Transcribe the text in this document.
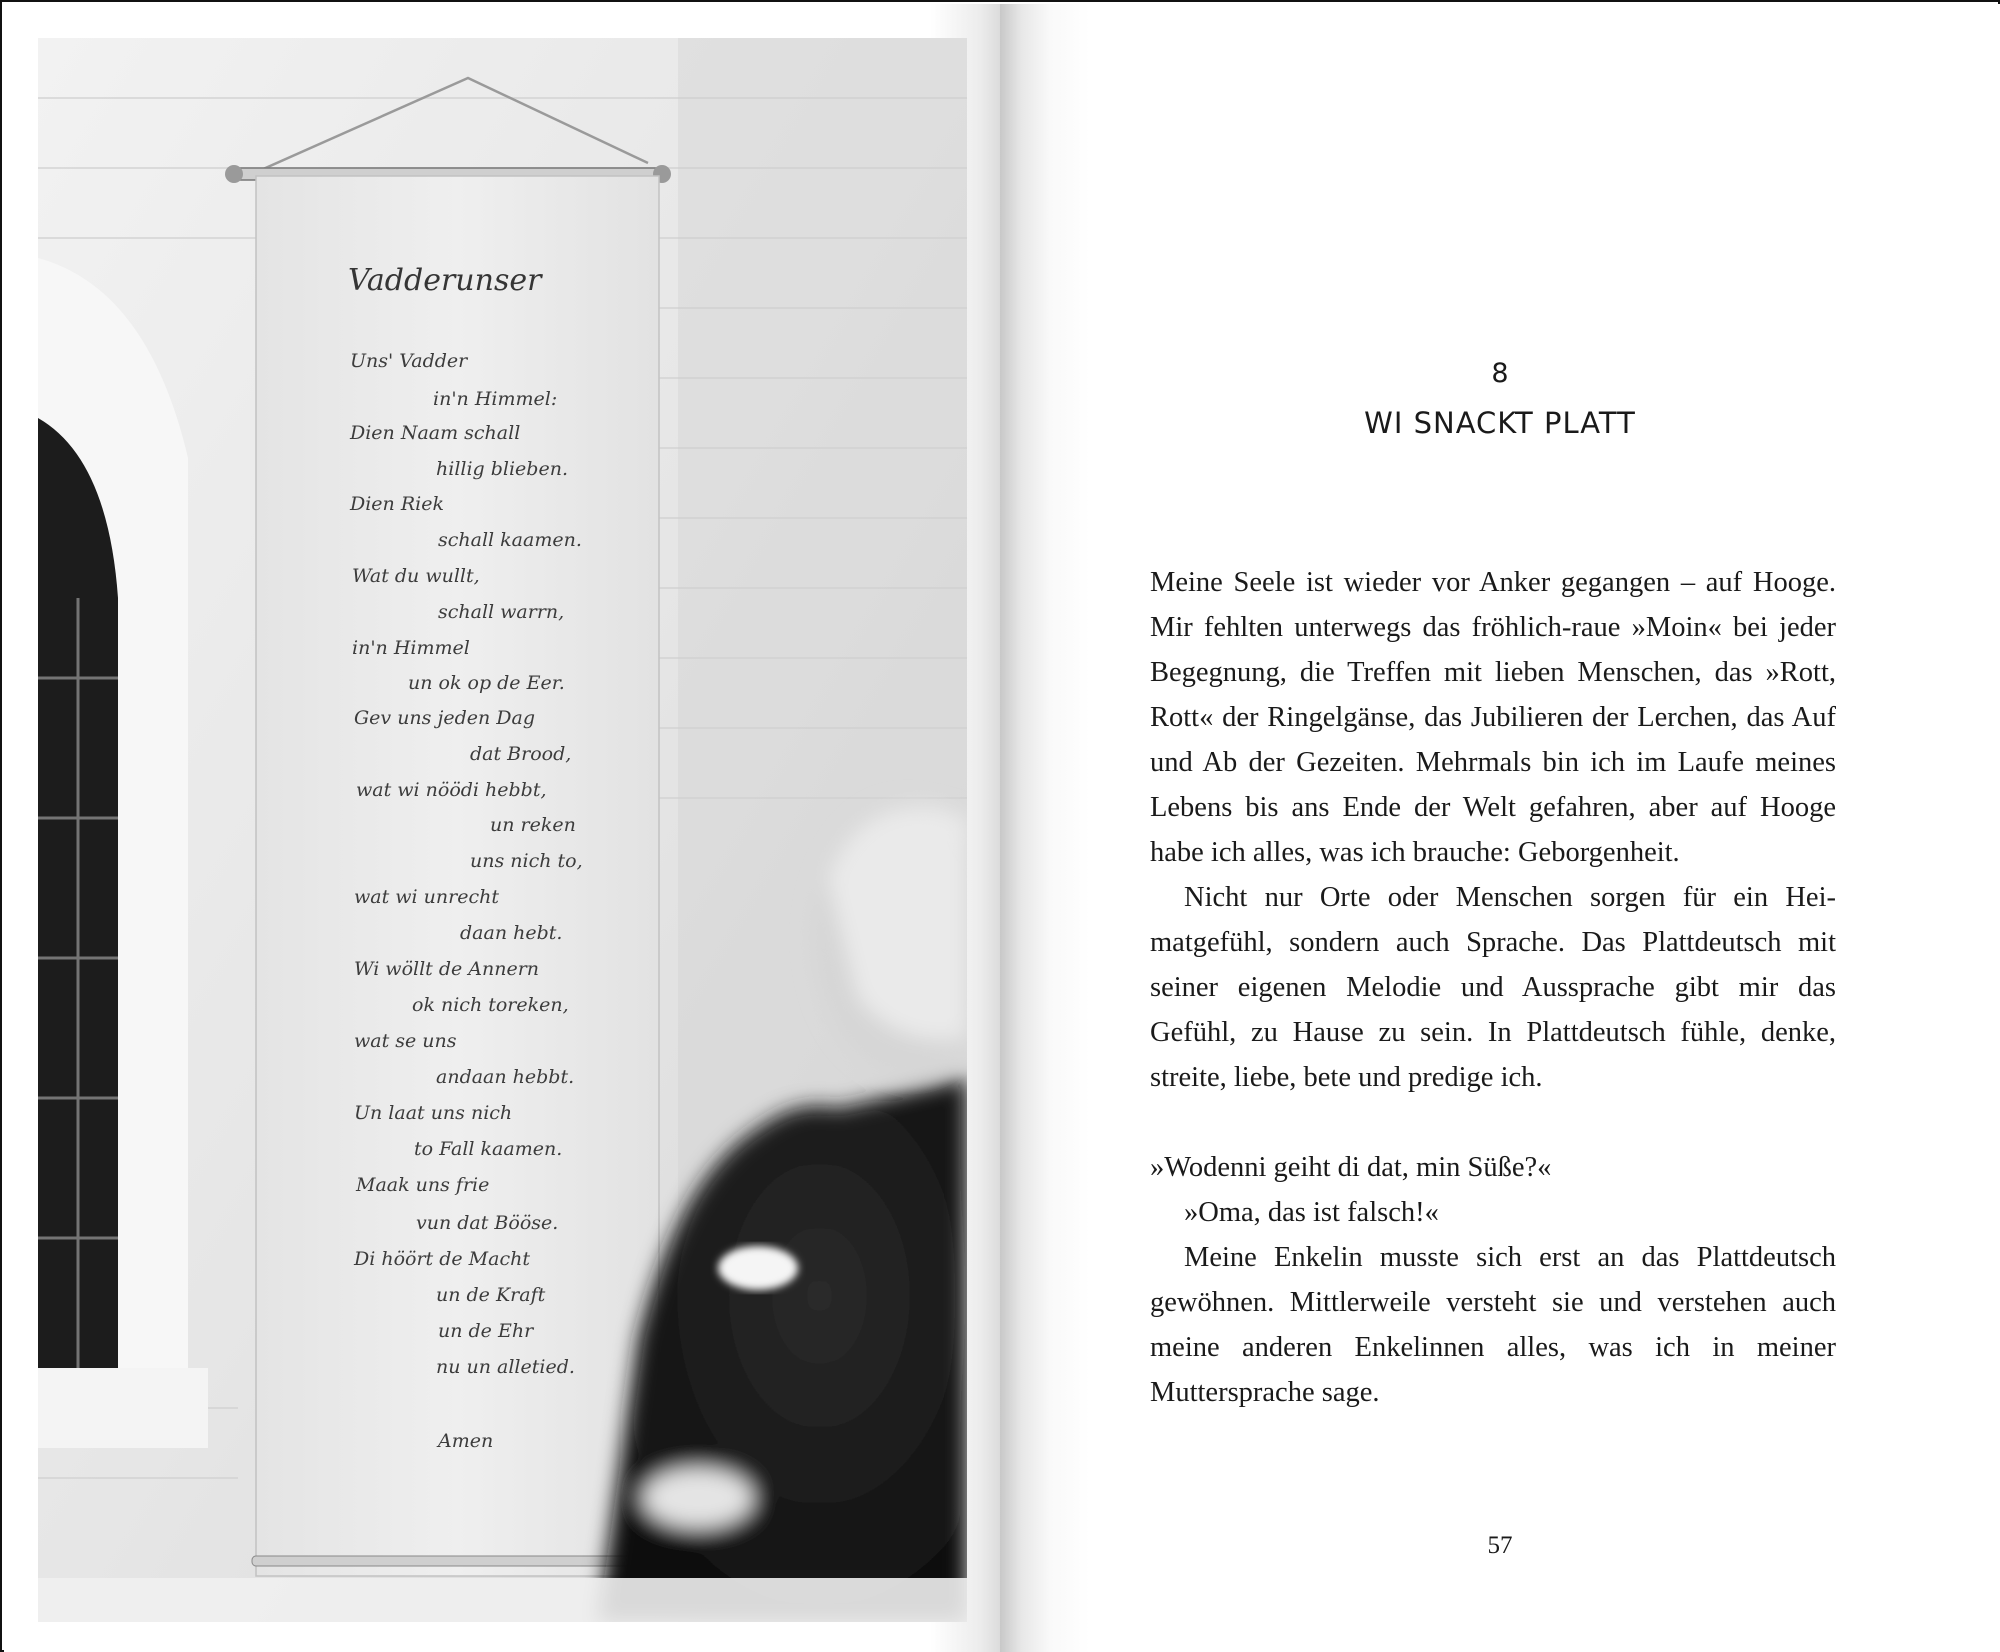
Vadderunser
Uns' Vadder
in'n Himmel:
Dien Naam schall
hillig blieben.
Dien Riek
schall kaamen.
Wat du wullt,
schall warrn,
in'n Himmel
un ok op de Eer.
Gev uns jeden Dag
dat Brood,
wat wi nöödi hebbt,
un reken
uns nich to,
wat wi unrecht
daan hebt.
Wi wöllt de Annern
ok nich toreken,
wat se uns
andaan hebbt.
Un laat uns nich
to Fall kaamen.
Maak uns frie
vun dat Bööse.
Di höört de Macht
un de Kraft
un de Ehr
nu un alletied.
Amen
8
WI SNACKT PLATT

Meine Seele ist wieder vor Anker gegangen – auf Hooge. Mir fehlten unterwegs das fröhlich-raue »Moin« bei jeder Begegnung, die Treffen mit lieben Menschen, das »Rott, Rott« der Ringelgänse, das Jubilieren der Lerchen, das Auf und Ab der Gezeiten. Mehrmals bin ich im Laufe meines Lebens bis ans Ende der Welt gefahren, aber auf Hooge habe ich alles, was ich brauche: Geborgenheit.

Nicht nur Orte oder Menschen sorgen für ein Heimatgefühl, sondern auch Sprache. Das Plattdeutsch mit seiner eigenen Melodie und Aussprache gibt mir das Gefühl, zu Hause zu sein. In Plattdeutsch fühle, denke, streite, liebe, bete und predige ich.

»Wodenni geiht di dat, min Süße?«

»Oma, das ist falsch!«

Meine Enkelin musste sich erst an das Plattdeutsch gewöhnen. Mittlerweile versteht sie und verstehen auch meine anderen Enkelinnen alles, was ich in meiner Muttersprache sage.

57
